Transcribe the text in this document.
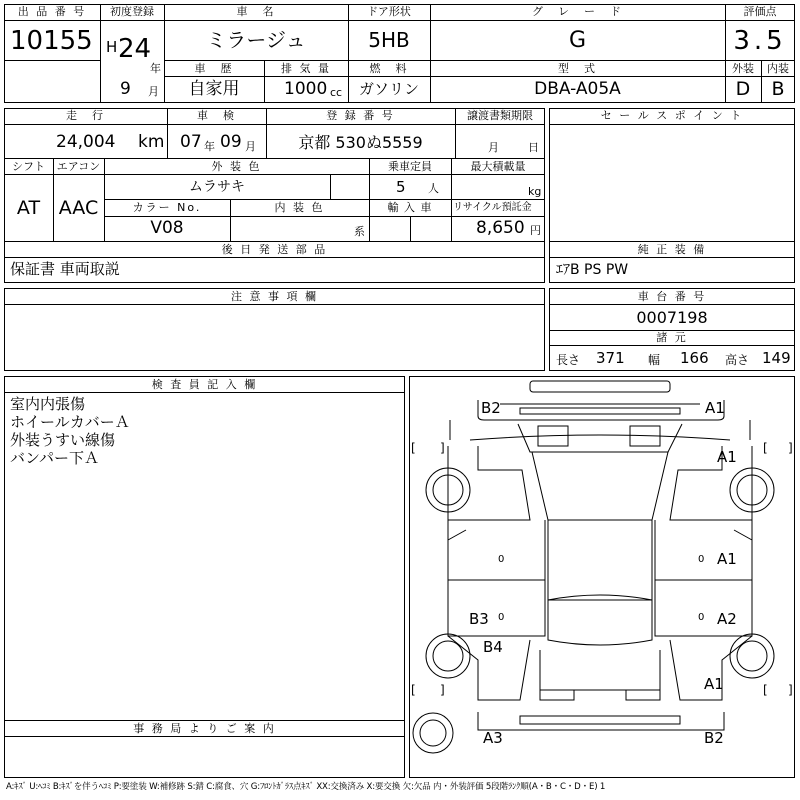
出 品 番 号
10155
初度登録
H 24
年
9 月
車　名
ミラージュ
ドア形状
5HB
グ　レ　ー　ド
G
評価点
3.5
車　歴
自家用
排 気 量
1000 cc
燃　料
ガソリン
型　式
DBA-A05A
外装	内装
D	B
走　行
24,004 km
車　検
07 年 09 月
登 録 番 号
京都 530ぬ5559
譲渡書類期限
月	日
シフト
AT
エアコン
AAC
外 装 色
ムラサキ
乗車定員
5 人
最大積載量
kg
カラー No.
V08
内 装 色
系
輸 入 車	リサイクル預託金
8,650 円
後 日 発 送 部 品
保証書 車両取説
セ ー ル ス ポ イ ン ト
純 正 装 備
ｴｱB PS PW
注 意 事 項 欄	車 台 番 号
0007198
諸 元
長さ 371 幅 166 高さ 149
検 査 員 記 入 欄
室内内張傷
ホイールカバーＡ
外装うすい線傷
バンパー下Ａ
事 務 局 よ り ご 案 内
0	0
0	0
[ ]	[ ]
[ ]	[ ]
B2	A1
A1
A1
B3	A2
B4
A1
A3	B2
A:ｷｽﾞ U:ﾍｺﾐ B:ｷｽﾞを伴うﾍｺﾐ P:要塗装 W:補修跡 S:錆 C:腐食、穴 G:ﾌﾛﾝﾄｶﾞﾗｽ点ｷｽﾞ XX:交換済み X:要交換 欠:欠品 内・外装評価 5段階ﾗﾝｸ順(A・B・C・D・E) 1
